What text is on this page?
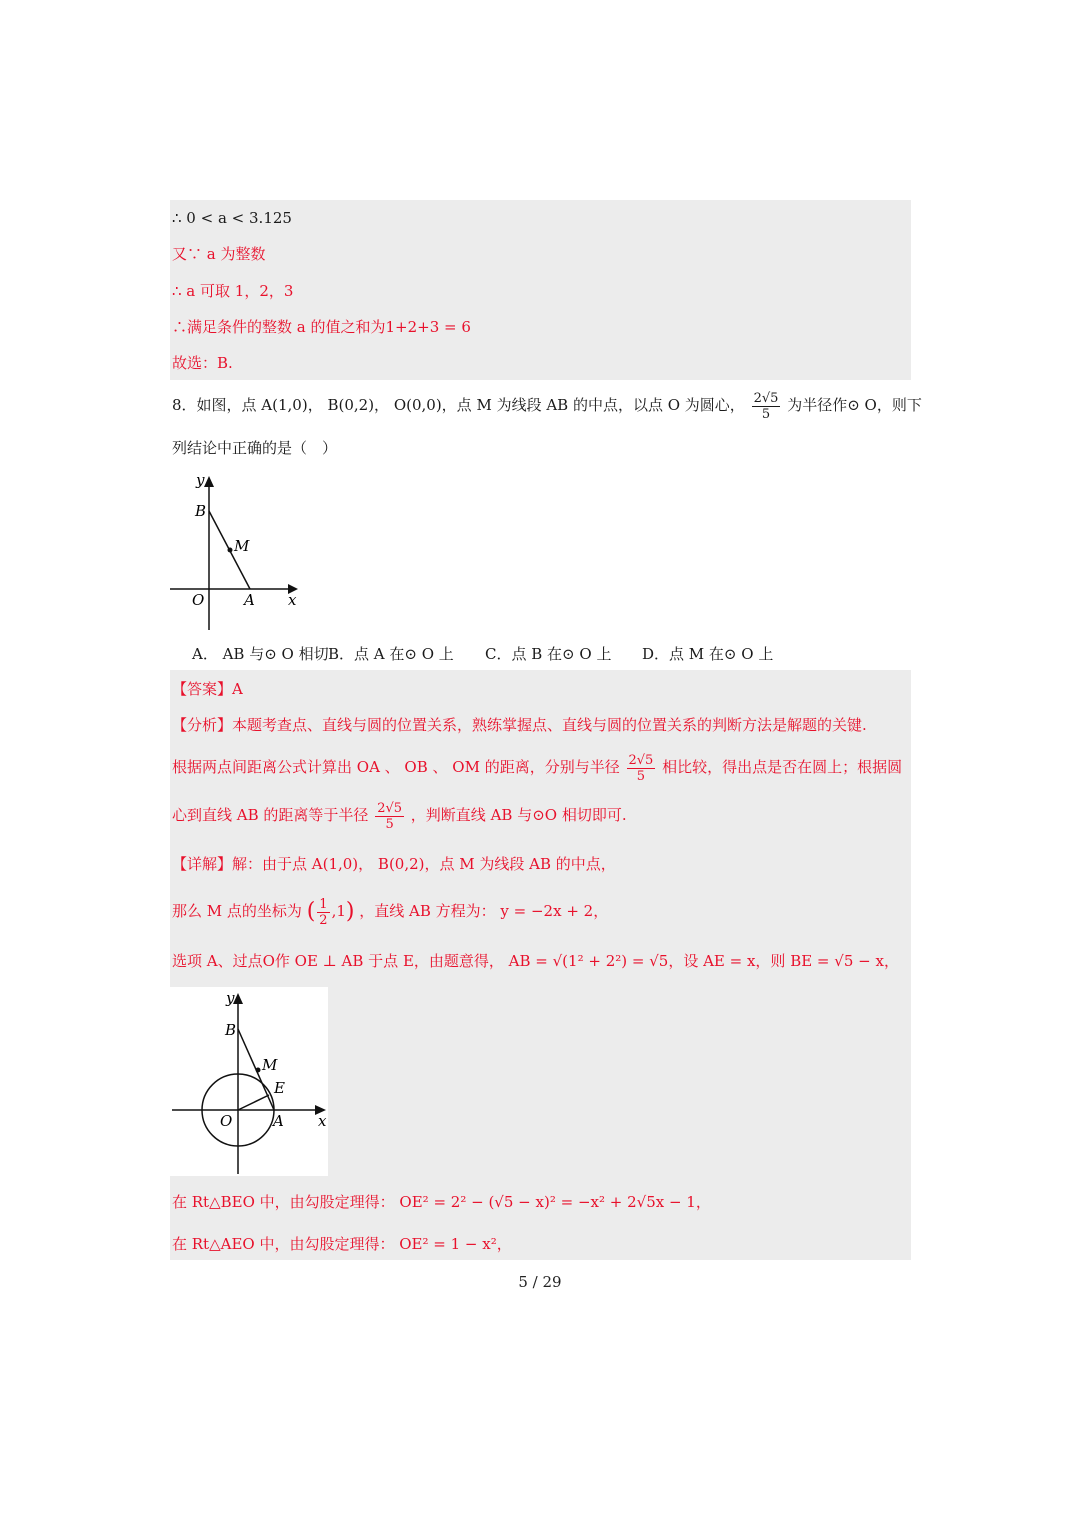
∴ 0 < a < 3.125
又∵ a 为整数
∴ a 可取 1，2，3
∴满足条件的整数 a 的值之和为1+2+3 = 6
故选：B.
8．如图，点 A(1,0)， B(0,2)， O(0,0)，点 M 为线段 AB 的中点，以点 O 为圆心， $\frac{2√5}{5}$ 为半径作⊙ O，则下
列结论中正确的是（　）
y
B
M
O	A x
A． AB 与⊙ O 相切 B．点 A 在⊙ O 上 C．点 B 在⊙ O 上 D．点 M 在⊙ O 上
【答案】A
【分析】本题考查点、直线与圆的位置关系，熟练掌握点、直线与圆的位置关系的判断方法是解题的关键.
根据两点间距离公式计算出 OA 、 OB 、 OM 的距离，分别与半径 $\frac{2√5}{5}$ 相比较，得出点是否在圆上；根据圆
心到直线 AB 的距离等于半径 $\frac{2√5}{5}$ ，判断直线 AB 与⊙O 相切即可.
【详解】解：由于点 A(1,0)， B(0,2)，点 M 为线段 AB 的中点，
那么 M 点的坐标为 ( $\frac{1}{2} ,1$) ，直线 AB 方程为： y = −2x + 2，
选项 A、过点O作 OE ⊥ AB 于点 E，由题意得， AB = √(1² + 2²) = √5，设 AE = x，则 BE = √5 − x，
y
B
M
E
O	A x
在 Rt△BEO 中，由勾股定理得： OE² = 2² − (√5 − x)² = −x² + 2√5x − 1，
在 Rt△AEO 中，由勾股定理得： OE² = 1 − x²，
5 / 29
